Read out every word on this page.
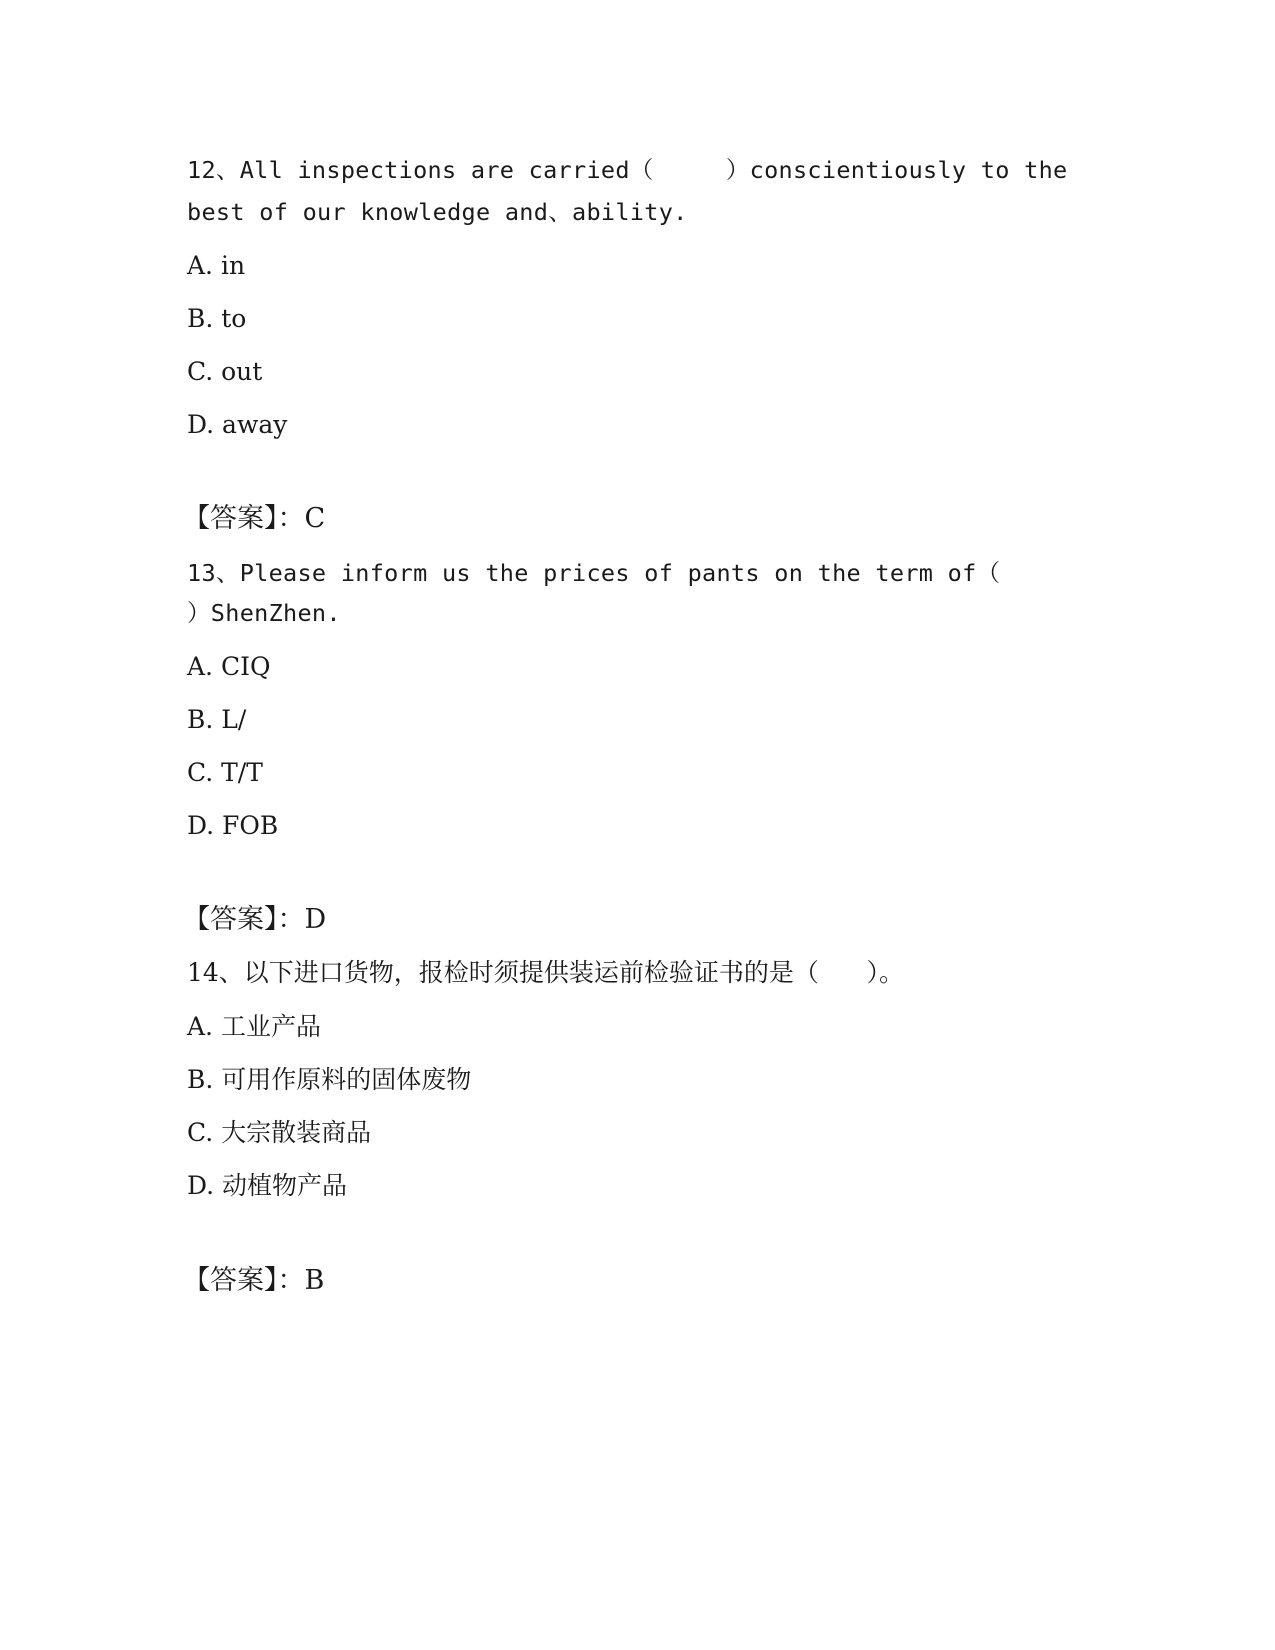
12、All inspections are carried（     ）conscientiously to the
best of our knowledge and、ability.
A. in
B. to
C. out
D. away
【答案】：C
13、Please inform us the prices of pants on the term of（
）ShenZhen.
A. CIQ
B. L/
C. T/T
D. FOB
【答案】：D
14、以下进口货物，报检时须提供装运前检验证书的是（      ）。
A. 工业产品
B. 可用作原料的固体废物
C. 大宗散装商品
D. 动植物产品
【答案】：B
